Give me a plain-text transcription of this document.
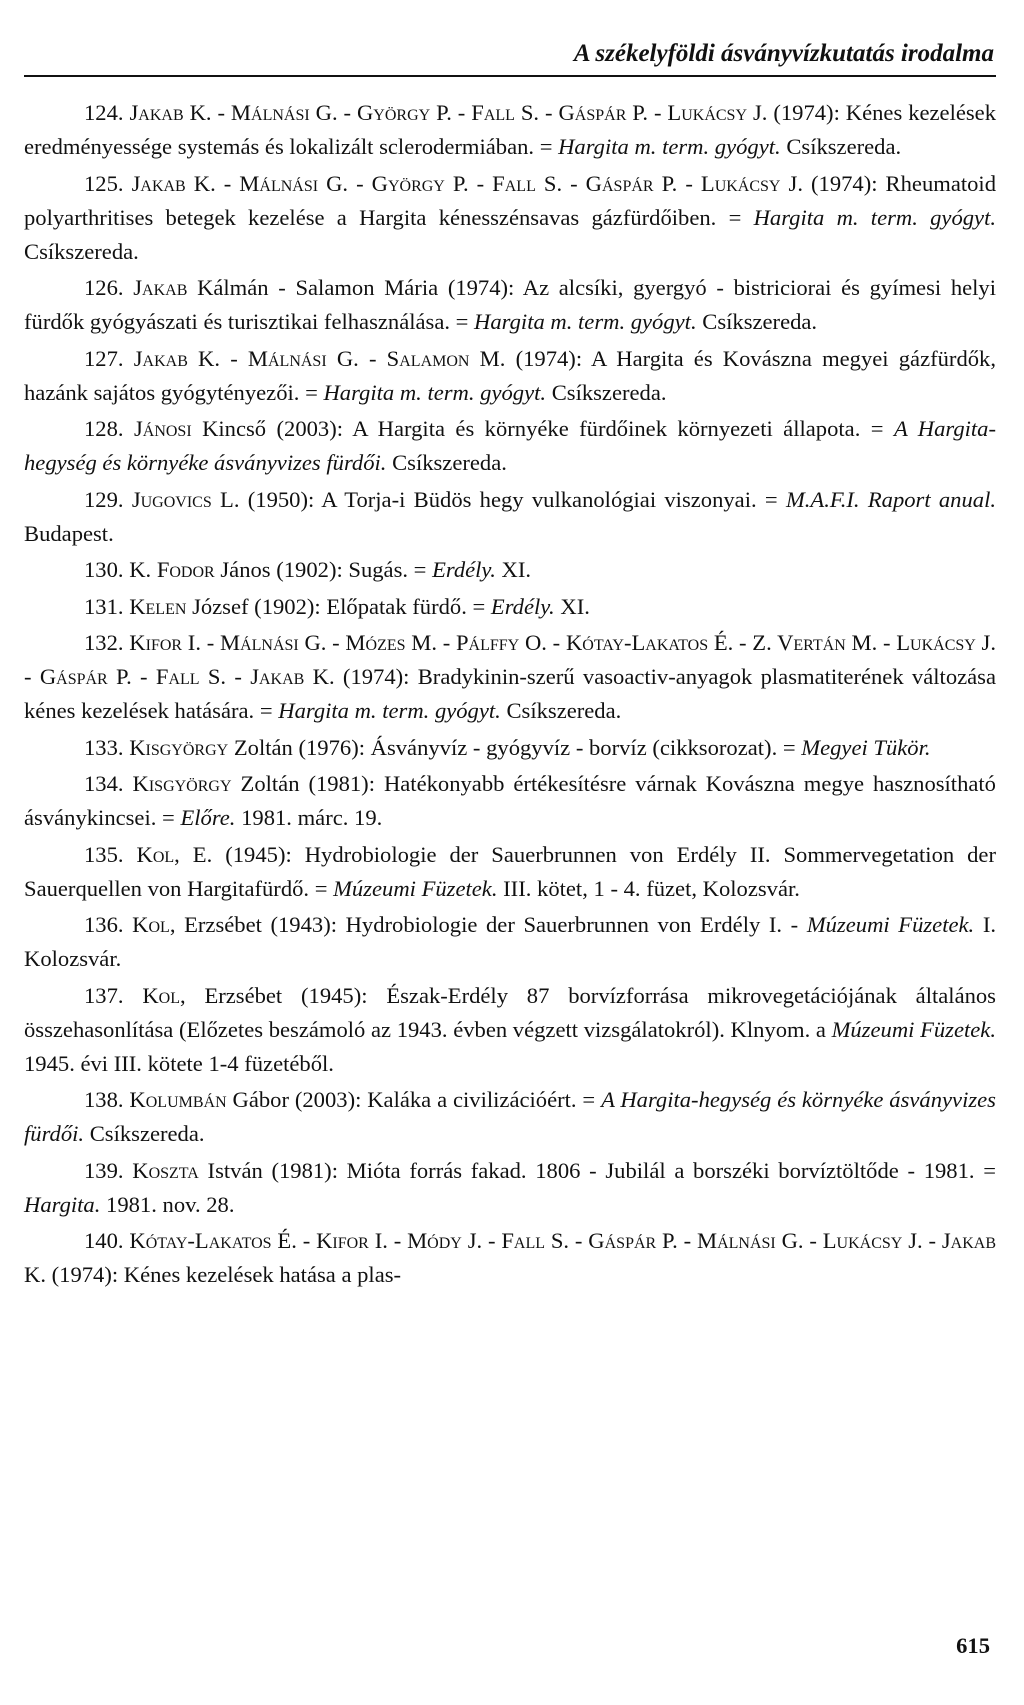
A székelyföldi ásványvízkutatás irodalma

124. Jakab K. - Málnási G. - György P. - Fall S. - Gáspár P. - Lukácsy J. (1974): Kénes kezelések eredményessége systemás és lokalizált sclerodermiában. = Hargita m. term. gyógyt. Csíkszereda.

125. Jakab K. - Málnási G. - György P. - Fall S. - Gáspár P. - Lukácsy J. (1974): Rheumatoid polyarthritises betegek kezelése a Hargita kénesszénsavas gázfürdőiben. = Hargita m. term. gyógyt. Csíkszereda.

126. Jakab Kálmán - Salamon Mária (1974): Az alcsíki, gyergyó - bistriciorai és gyímesi helyi fürdők gyógyászati és turisztikai felhasználása. = Hargita m. term. gyógyt. Csíkszereda.

127. Jakab K. - Málnási G. - Salamon M. (1974): A Hargita és Kovászna megyei gázfürdők, hazánk sajátos gyógytényezői. = Hargita m. term. gyógyt. Csíkszereda.

128. Jánosi Kincső (2003): A Hargita és környéke fürdőinek környezeti állapota. = A Hargita-hegység és környéke ásványvizes fürdői. Csíkszereda.

129. Jugovics L. (1950): A Torja-i Büdös hegy vulkanológiai viszonyai. = M.A.F.I. Raport anual. Budapest.

130. K. Fodor János (1902): Sugás. = Erdély. XI.

131. Kelen József (1902): Előpatak fürdő. = Erdély. XI.

132. Kifor I. - Málnási G. - Mózes M. - Pálffy O. - Kótay-Lakatos É. - Z. Vertán M. - Lukácsy J. - Gáspár P. - Fall S. - Jakab K. (1974): Bradykinin-szerű vasoactiv-anyagok plasmatiterének változása kénes kezelések hatására. = Hargita m. term. gyógyt. Csíkszereda.

133. Kisgyörgy Zoltán (1976): Ásványvíz - gyógyvíz - borvíz (cikksorozat). = Megyei Tükör.

134. Kisgyörgy Zoltán (1981): Hatékonyabb értékesítésre várnak Kovászna megye hasznosítható ásványkincsei. = Előre. 1981. márc. 19.

135. Kol, E. (1945): Hydrobiologie der Sauerbrunnen von Erdély II. Sommervegetation der Sauerquellen von Hargitafürdő. = Múzeumi Füzetek. III. kötet, 1 - 4. füzet, Kolozsvár.

136. Kol, Erzsébet (1943): Hydrobiologie der Sauerbrunnen von Erdély I. - Múzeumi Füzetek. I. Kolozsvár.

137. Kol, Erzsébet (1945): Észak-Erdély 87 borvízforrása mikrovegetációjának általános összehasonlítása (Előzetes beszámoló az 1943. évben végzett vizsgálatokról). Klnyom. a Múzeumi Füzetek. 1945. évi III. kötete 1-4 füzetéből.

138. Kolumbán Gábor (2003): Kaláka a civilizációért. = A Hargita-hegység és környéke ásványvizes fürdői. Csíkszereda.

139. Koszta István (1981): Mióta forrás fakad. 1806 - Jubilál a borszéki borvíztöltőde - 1981. = Hargita. 1981. nov. 28.

140. Kótay-Lakatos É. - Kifor I. - Módy J. - Fall S. - Gáspár P. - Málnási G. - Lukácsy J. - Jakab K. (1974): Kénes kezelések hatása a plas-

615
